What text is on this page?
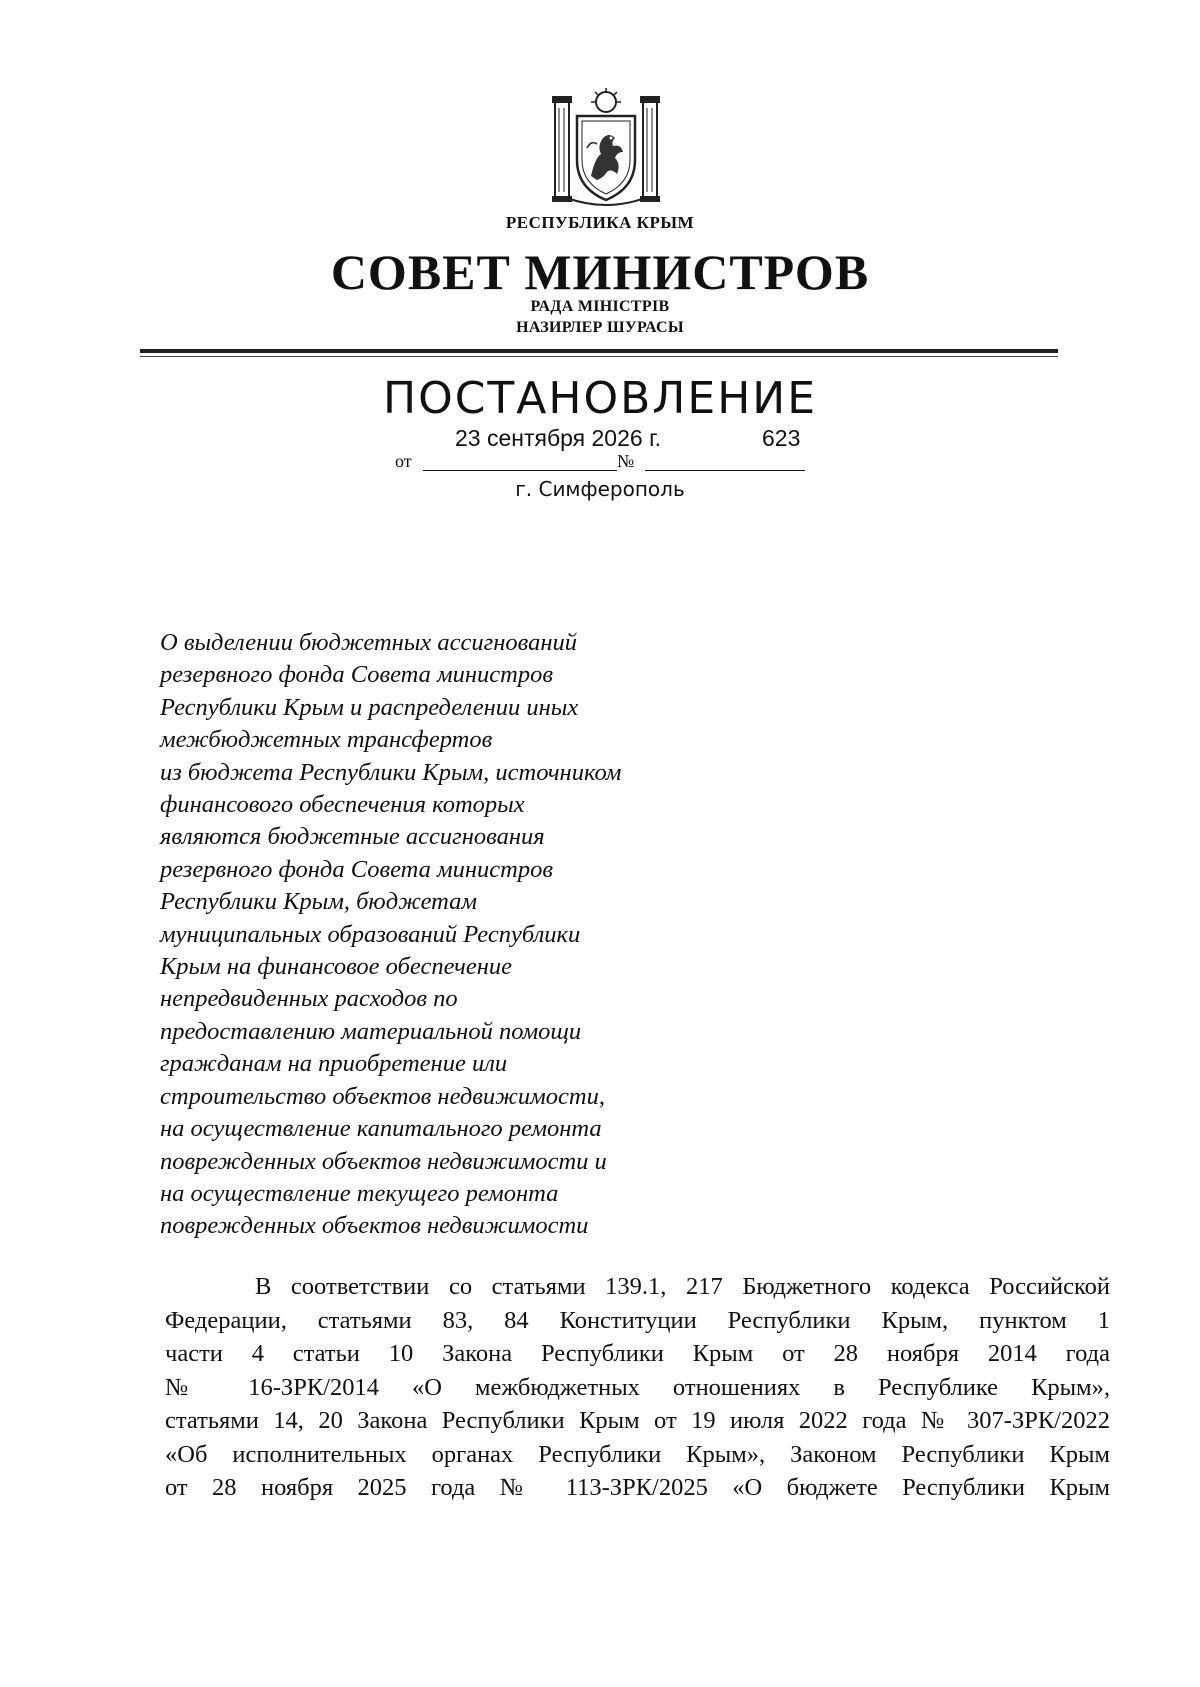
РЕСПУБЛИКА КРЫМ
СОВЕТ МИНИСТРОВ
РАДА МІНІСТРІВ
НАЗИРЛЕР ШУРАСЫ
ПОСТАНОВЛЕНИЕ
23 сентября 2026 г.	623
от	№
г. Симферополь
О выделении бюджетных ассигнований
резервного фонда Совета министров
Республики Крым и распределении иных
межбюджетных трансфертов
из бюджета Республики Крым, источником
финансового обеспечения которых
являются бюджетные ассигнования
резервного фонда Совета министров
Республики Крым, бюджетам
муниципальных образований Республики
Крым на финансовое обеспечение
непредвиденных расходов по
предоставлению материальной помощи
гражданам на приобретение или
строительство объектов недвижимости,
на осуществление капитального ремонта
поврежденных объектов недвижимости и
на осуществление текущего ремонта
поврежденных объектов недвижимости
В соответствии со статьями 139.1, 217 Бюджетного кодекса Российской
Федерации, статьями 83, 84 Конституции Республики Крым, пунктом 1
части 4 статьи 10 Закона Республики Крым от 28 ноября 2014 года
№ 16-ЗРК/2014 «О межбюджетных отношениях в Республике Крым»,
статьями 14, 20 Закона Республики Крым от 19 июля 2022 года № 307-ЗРК/2022
«Об исполнительных органах Республики Крым», Законом Республики Крым
от 28 ноября 2025 года № 113-ЗРК/2025 «О бюджете Республики Крым
